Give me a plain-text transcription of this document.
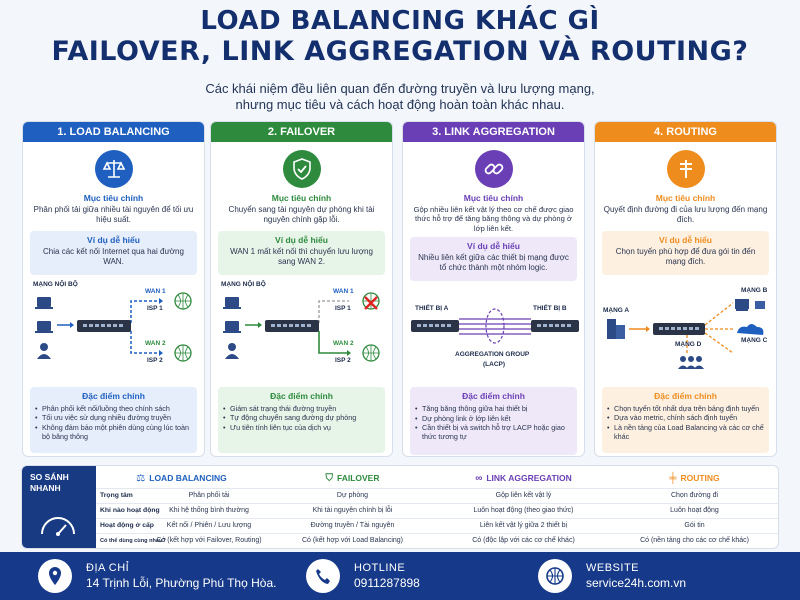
LOAD BALANCING KHÁC GÌ
FAILOVER, LINK AGGREGATION VÀ ROUTING?
Các khái niệm đều liên quan đến đường truyền và lưu lượng mạng,
nhưng mục tiêu và cách hoạt động hoàn toàn khác nhau.
1. LOAD BALANCING
Mục tiêu chính
Phân phối tải giữa nhiều tài nguyên để tối ưu hiệu suất.
Ví dụ dễ hiểu
Chia các kết nối Internet qua hai đường WAN.
MẠNG NỘI BỘ
WAN 1
ISP 1
WAN 2
ISP 2
Đặc điểm chính
• Phân phối kết nối/luồng theo chính sách
• Tối ưu việc sử dụng nhiều đường truyền
• Không đảm bảo một phiên dùng cùng lúc toàn bộ băng thông
2. FAILOVER
Mục tiêu chính
Chuyển sang tài nguyên dự phòng khi tài nguyên chính gặp lỗi.
Ví dụ dễ hiểu
WAN 1 mất kết nối thì chuyển lưu lượng sang WAN 2.
MẠNG NỘI BỘ
WAN 1
ISP 1
WAN 2
ISP 2
Đặc điểm chính
• Giám sát trạng thái đường truyền
• Tự động chuyển sang đường dự phòng
• Ưu tiên tính liên tục của dịch vụ
3. LINK AGGREGATION
Mục tiêu chính
Gộp nhiều liên kết vật lý theo cơ chế được giao thức hỗ trợ để tăng băng thông và dự phòng ở lớp liên kết.
Ví dụ dễ hiểu
Nhiều liên kết giữa các thiết bị mạng được tổ chức thành một nhóm logic.
THIẾT BỊ A	THIẾT BỊ B
AGGREGATION GROUP
(LACP)
Đặc điểm chính
• Tăng băng thông giữa hai thiết bị
• Dự phòng link ở lớp liên kết
• Cần thiết bị và switch hỗ trợ LACP hoặc giao thức tương tự
4. ROUTING
Mục tiêu chính
Quyết định đường đi của lưu lượng đến mạng đích.
Ví dụ dễ hiểu
Chọn tuyến phù hợp để đưa gói tin đến mạng đích.
MẠNG A
MẠNG B
MẠNG C
MẠNG D
Đặc điểm chính
• Chọn tuyến tốt nhất dựa trên bảng định tuyến
• Dựa vào metric, chính sách định tuyến
• Là nền tảng của Load Balancing và các cơ chế khác
SO SÁNH NHANH
⚖ LOAD BALANCING	⛉ FAILOVER	∞ LINK AGGREGATION	╪ ROUTING
Trọng tâm	Phân phối tải	Dự phòng	Gộp liên kết vật lý	Chọn đường đi
Khi nào hoạt động	Khi hệ thống bình thường	Khi tài nguyên chính bị lỗi	Luôn hoạt động (theo giao thức)	Luôn hoạt động
Hoạt động ở cấp	Kết nối / Phiên / Lưu lượng	Đường truyền / Tài nguyên	Liên kết vật lý giữa 2 thiết bị	Gói tin
Có thể dùng cùng nhau?
Có (kết hợp với Failover, Routing)	Có (kết hợp với Load Balancing)	Có (độc lập với các cơ chế khác)	Có (nền tảng cho các cơ chế khác)
ĐỊA CHỈ
14 Trịnh Lỗi, Phường Phú Thọ Hòa.
HOTLINE
0911287898
WEBSITE
service24h.com.vn
